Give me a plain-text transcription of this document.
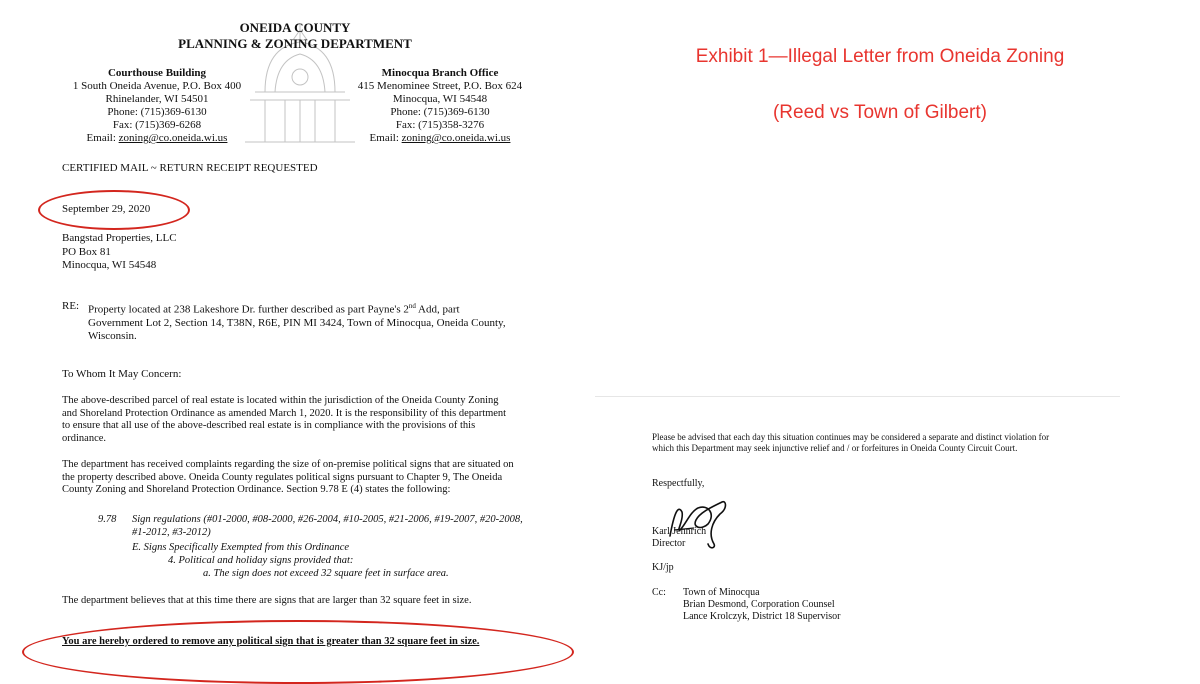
ONEIDA COUNTY
PLANNING & ZONING DEPARTMENT
Courthouse Building
1 South Oneida Avenue, P.O. Box 400
Rhinelander, WI 54501
Phone: (715)369-6130
Fax: (715)369-6268
Email: zoning@co.oneida.wi.us
Minocqua Branch Office
415 Menominee Street, P.O. Box 624
Minocqua, WI 54548
Phone: (715)369-6130
Fax: (715)358-3276
Email: zoning@co.oneida.wi.us
CERTIFIED MAIL ~ RETURN RECEIPT REQUESTED
September 29, 2020
Bangstad Properties, LLC
PO Box 81
Minocqua, WI 54548
RE: Property located at 238 Lakeshore Dr. further described as part Payne's 2nd Add, part Government Lot 2, Section 14, T38N, R6E, PIN MI 3424, Town of Minocqua, Oneida County, Wisconsin.
To Whom It May Concern:
The above-described parcel of real estate is located within the jurisdiction of the Oneida County Zoning and Shoreland Protection Ordinance as amended March 1, 2020. It is the responsibility of this department to ensure that all use of the above-described real estate is in compliance with the provisions of this ordinance.
The department has received complaints regarding the size of on-premise political signs that are situated on the property described above. Oneida County regulates political signs pursuant to Chapter 9, The Oneida County Zoning and Shoreland Protection Ordinance. Section 9.78 E (4) states the following:
9.78 Sign regulations (#01-2000, #08-2000, #26-2004, #10-2005, #21-2006, #19-2007, #20-2008, #1-2012, #3-2012)
E. Signs Specifically Exempted from this Ordinance
4. Political and holiday signs provided that:
a. The sign does not exceed 32 square feet in surface area.
The department believes that at this time there are signs that are larger than 32 square feet in size.
You are hereby ordered to remove any political sign that is greater than 32 square feet in size.
Exhibit 1—Illegal Letter from Oneida Zoning
(Reed vs Town of Gilbert)
Please be advised that each day this situation continues may be considered a separate and distinct violation for which this Department may seek injunctive relief and / or forfeitures in Oneida County Circuit Court.
Respectfully,
Karl Jennrich
Director
KJ/jp
Cc: Town of Minocqua
Brian Desmond, Corporation Counsel
Lance Krolczyk, District 18 Supervisor
